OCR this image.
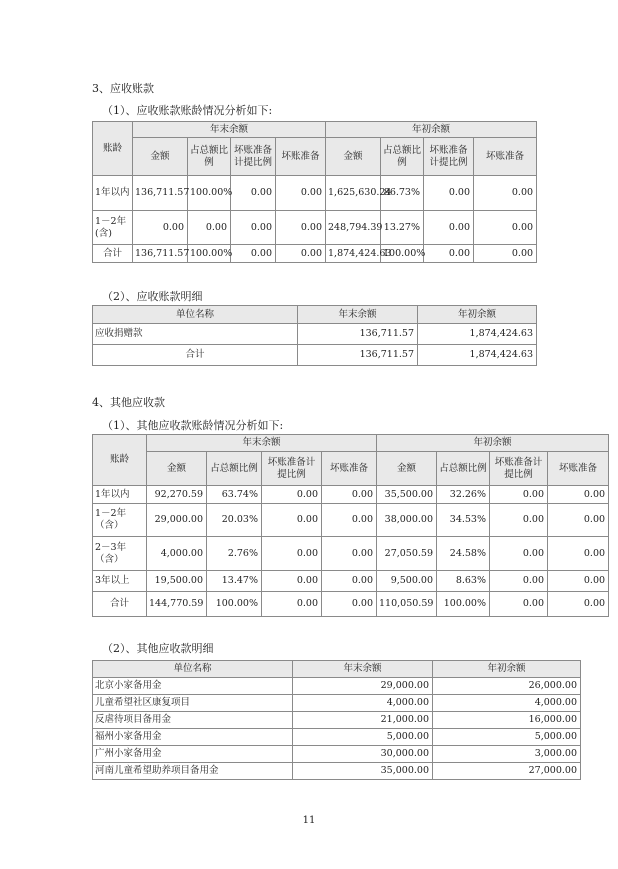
3、应收账款
（1）、应收账款账龄情况分析如下:
账龄	年末余额				年初余额			
	金额	占总额比例	坏账准备计提比例	坏账准备	金额	占总额比例	坏账准备计提比例	坏账准备
1年以内	136,711.57	100.00%	0.00	0.00	1,625,630.24	86.73%	0.00	0.00
1－2年(含)	0.00	0.00	0.00	0.00	248,794.39	13.27%	0.00	0.00
合计	136,711.57	100.00%	0.00	0.00	1,874,424.63	100.00%	0.00	0.00
（2）、应收账款明细
单位名称	年末余额	年初余额
应收捐赠款	136,711.57	1,874,424.63
合计	136,711.57	1,874,424.63
4、其他应收款
（1）、其他应收款账龄情况分析如下:
账龄	年末余额				年初余额			
	金额	占总额比例	坏账准备计提比例	坏账准备	金额	占总额比例	坏账准备计提比例	坏账准备
1年以内	92,270.59	63.74%	0.00	0.00	35,500.00	32.26%	0.00	0.00
1－2年（含）	29,000.00	20.03%	0.00	0.00	38,000.00	34.53%	0.00	0.00
2－3年（含）	4,000.00	2.76%	0.00	0.00	27,050.59	24.58%	0.00	0.00
3年以上	19,500.00	13.47%	0.00	0.00	9,500.00	8.63%	0.00	0.00
合计	144,770.59	100.00%	0.00	0.00	110,050.59	100.00%	0.00	0.00
（2）、其他应收款明细
单位名称	年末余额	年初余额
北京小家备用金	29,000.00	26,000.00
儿童希望社区康复项目	4,000.00	4,000.00
反虐待项目备用金	21,000.00	16,000.00
福州小家备用金	5,000.00	5,000.00
广州小家备用金	30,000.00	3,000.00
河南儿童希望助养项目备用金	35,000.00	27,000.00
11
